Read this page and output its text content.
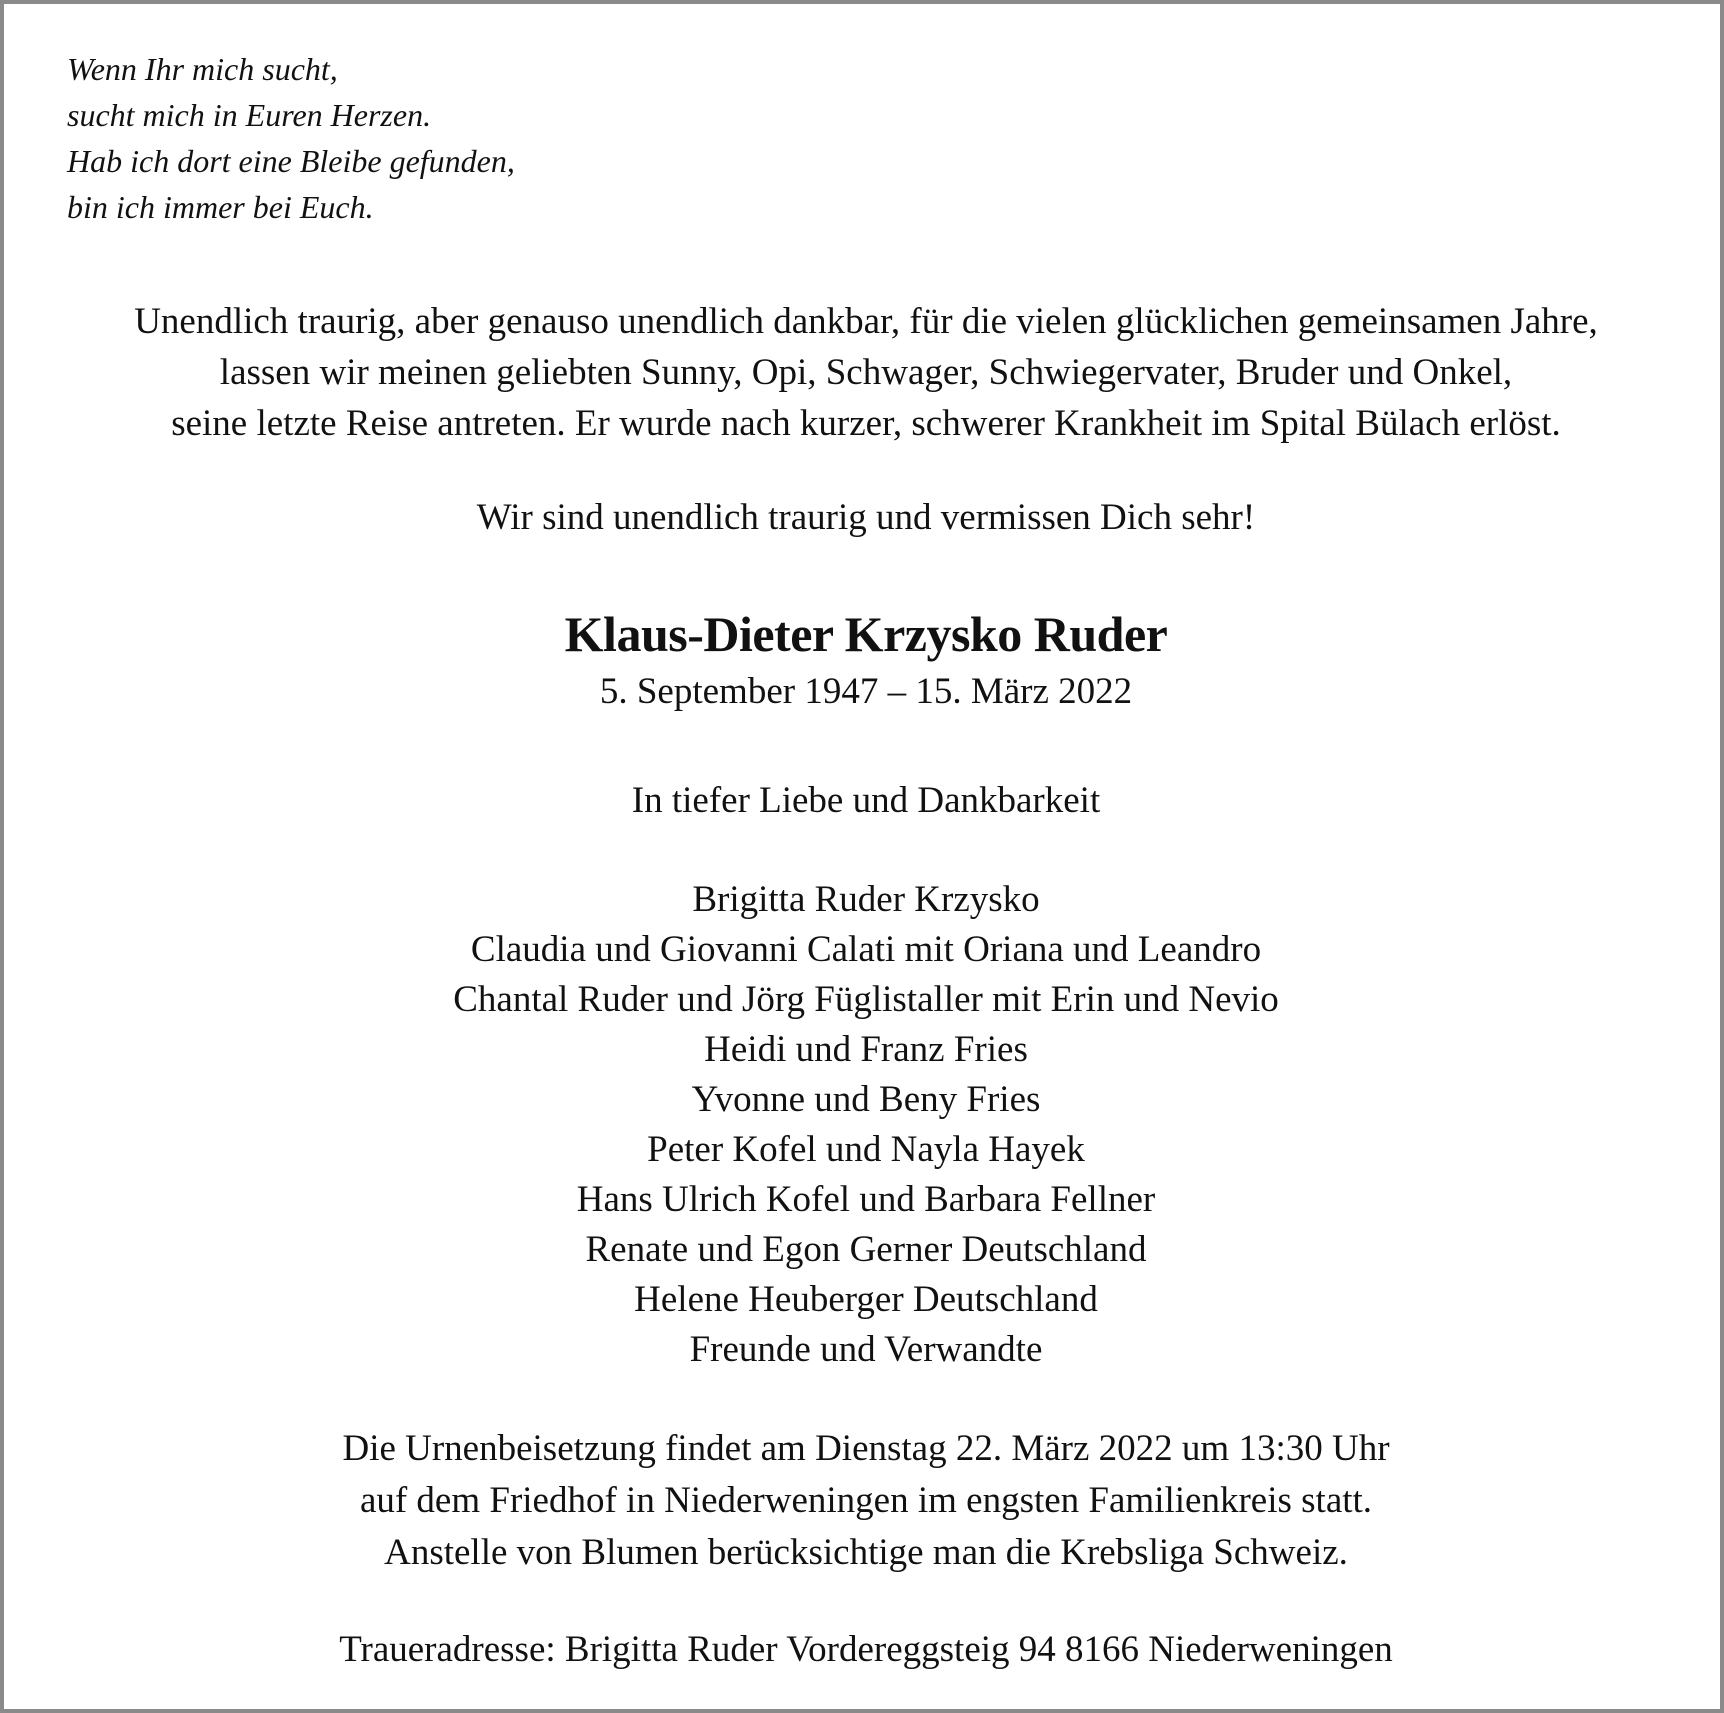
Wenn Ihr mich sucht,
sucht mich in Euren Herzen.
Hab ich dort eine Bleibe gefunden,
bin ich immer bei Euch.
Unendlich traurig, aber genauso unendlich dankbar, für die vielen glücklichen gemeinsamen Jahre,
lassen wir meinen geliebten Sunny, Opi, Schwager, Schwiegervater, Bruder und Onkel,
seine letzte Reise antreten. Er wurde nach kurzer, schwerer Krankheit im Spital Bülach erlöst.
Wir sind unendlich traurig und vermissen Dich sehr!
Klaus-Dieter Krzysko Ruder
5. September 1947 – 15. März 2022
In tiefer Liebe und Dankbarkeit
Brigitta Ruder Krzysko
Claudia und Giovanni Calati mit Oriana und Leandro
Chantal Ruder und Jörg Füglistaller mit Erin und Nevio
Heidi und Franz Fries
Yvonne und Beny Fries
Peter Kofel und Nayla Hayek
Hans Ulrich Kofel und Barbara Fellner
Renate und Egon Gerner Deutschland
Helene Heuberger Deutschland
Freunde und Verwandte
Die Urnenbeisetzung findet am Dienstag 22. März 2022 um 13:30 Uhr
auf dem Friedhof in Niederweningen im engsten Familienkreis statt.
Anstelle von Blumen berücksichtige man die Krebsliga Schweiz.
Traueradresse: Brigitta Ruder Vordereggsteig 94 8166 Niederweningen
